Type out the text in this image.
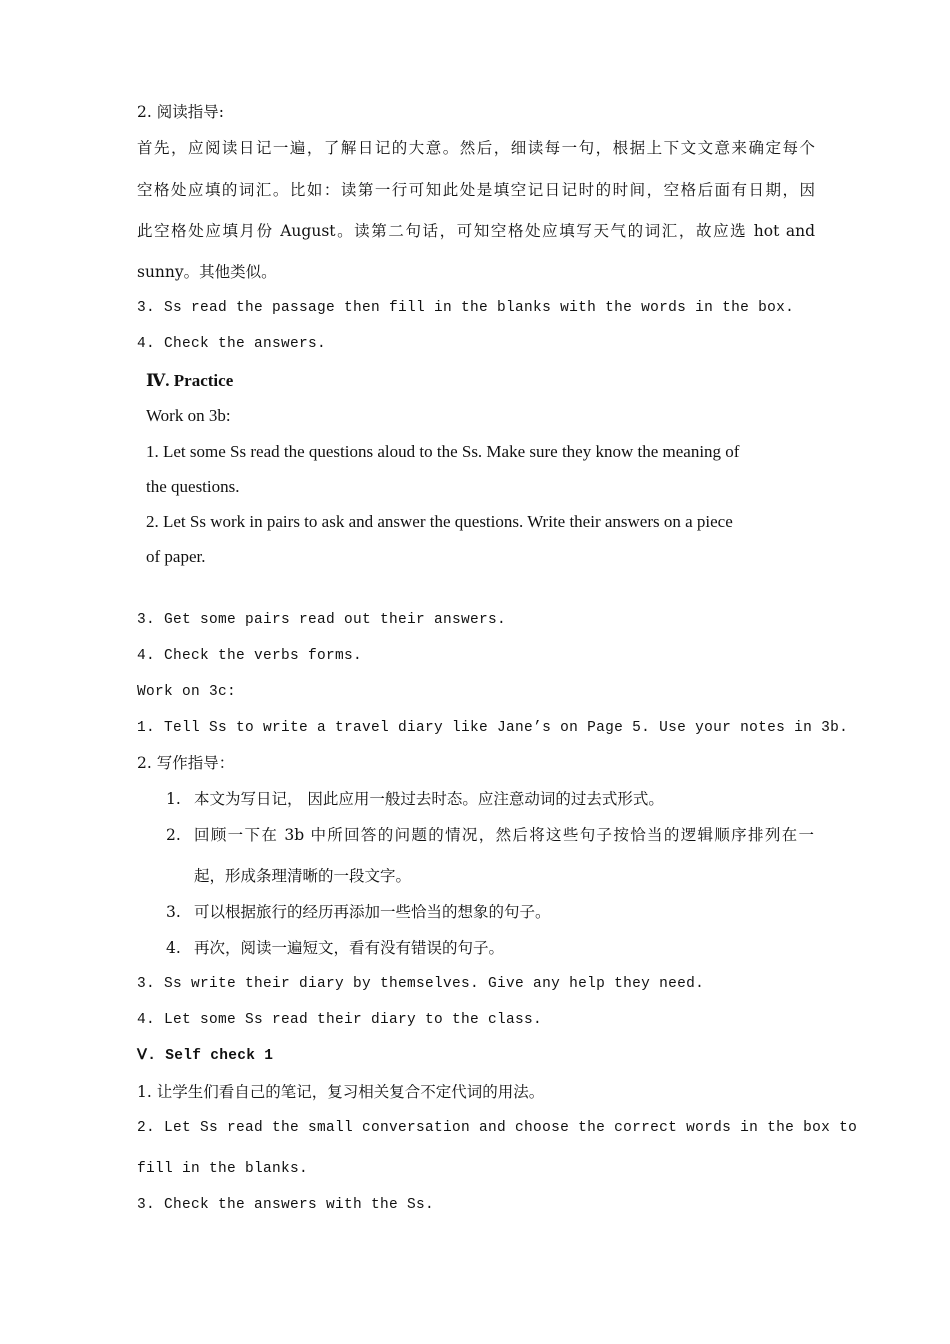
2. 阅读指导:
首先，应阅读日记一遍，了解日记的大意。然后，细读每一句，根据上下文文意来确定每个
空格处应填的词汇。比如：读第一行可知此处是填空记日记时的时间，空格后面有日期，因
此空格处应填月份 August。读第二句话，可知空格处应填写天气的词汇，故应选 hot and
sunny。其他类似。
3. Ss read the passage then fill in the blanks with the words in the box.
4. Check the answers.
Ⅳ. Practice
Work on 3b:
1. Let some Ss read the questions aloud to the Ss. Make sure they know the meaning of
the questions.
2. Let Ss work in pairs to ask and answer the questions. Write their answers on a piece
of paper.
3. Get some pairs read out their answers.
4. Check the verbs forms.
Work on 3c:
1. Tell Ss to write a travel diary like Jane’s on Page 5. Use your notes in 3b.
2. 写作指导：
1. 本文为写日记， 因此应用一般过去时态。应注意动词的过去式形式。
2. 回顾一下在 3b 中所回答的问题的情况，然后将这些句子按恰当的逻辑顺序排列在一
起，形成条理清晰的一段文字。
3. 可以根据旅行的经历再添加一些恰当的想象的句子。
4. 再次，阅读一遍短文，看有没有错误的句子。
3. Ss write their diary by themselves. Give any help they need.
4. Let some Ss read their diary to the class.
Ⅴ. Self check 1
1. 让学生们看自己的笔记，复习相关复合不定代词的用法。
2. Let Ss read the small conversation and choose the correct words in the box to
fill in the blanks.
3. Check the answers with the Ss.
